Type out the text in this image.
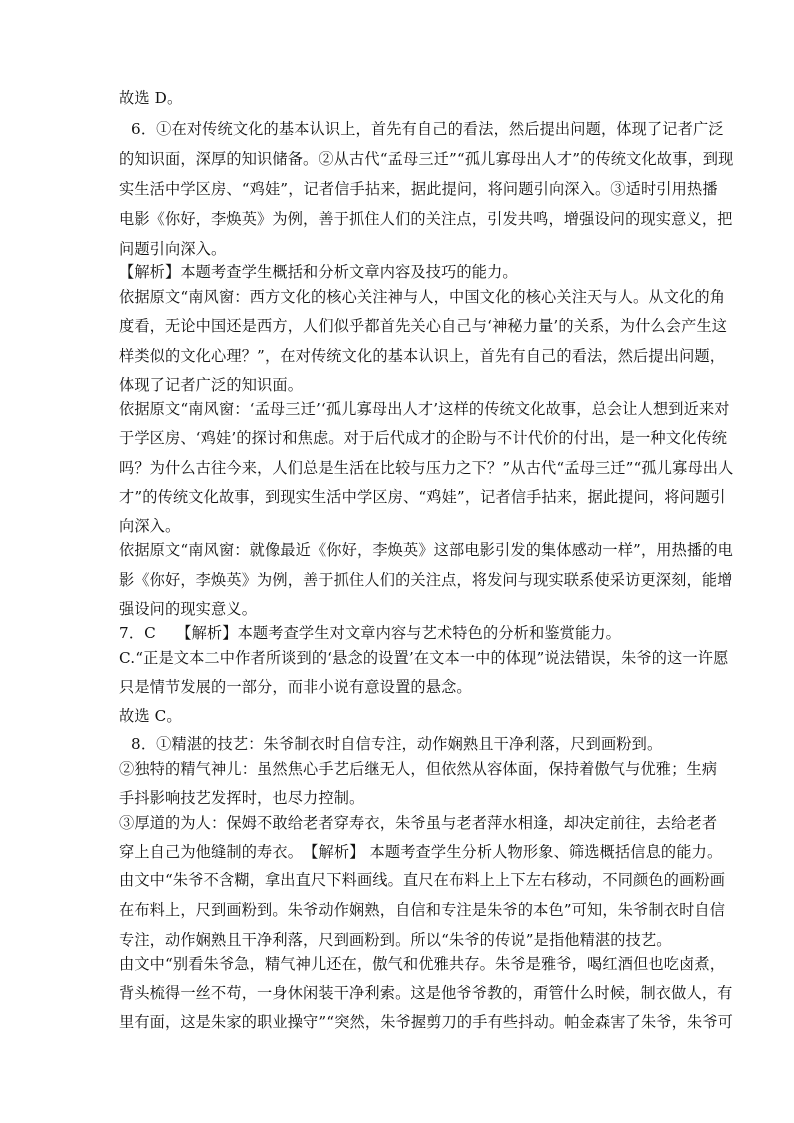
故选 D。
6．①在对传统文化的基本认识上，首先有自己的看法，然后提出问题，体现了记者广泛
的知识面，深厚的知识储备。②从古代“孟母三迁”“孤儿寡母出人才”的传统文化故事，到现
实生活中学区房、“鸡娃”，记者信手拈来，据此提问，将问题引向深入。③适时引用热播
电影《你好，李焕英》为例，善于抓住人们的关注点，引发共鸣，增强设问的现实意义，把
问题引向深入。
【解析】本题考查学生概括和分析文章内容及技巧的能力。
依据原文“南风窗：西方文化的核心关注神与人，中国文化的核心关注天与人。从文化的角
度看，无论中国还是西方，人们似乎都首先关心自己与‘神秘力量’的关系，为什么会产生这
样类似的文化心理？”，在对传统文化的基本认识上，首先有自己的看法，然后提出问题，
体现了记者广泛的知识面。
依据原文“南风窗：‘孟母三迁’‘孤儿寡母出人才’这样的传统文化故事，总会让人想到近来对
于学区房、‘鸡娃’的探讨和焦虑。对于后代成才的企盼与不计代价的付出，是一种文化传统
吗？为什么古往今来，人们总是生活在比较与压力之下？”从古代“孟母三迁”“孤儿寡母出人
才”的传统文化故事，到现实生活中学区房、“鸡娃”，记者信手拈来，据此提问，将问题引
向深入。
依据原文“南风窗：就像最近《你好，李焕英》这部电影引发的集体感动一样”，用热播的电
影《你好，李焕英》为例，善于抓住人们的关注点，将发问与现实联系使采访更深刻，能增
强设问的现实意义。
7．C　 【解析】本题考查学生对文章内容与艺术特色的分析和鉴赏能力。
C.“正是文本二中作者所谈到的‘悬念的设置’在文本一中的体现”说法错误，朱爷的这一许愿
只是情节发展的一部分，而非小说有意设置的悬念。
故选 C。
8．①精湛的技艺：朱爷制衣时自信专注，动作娴熟且干净利落，尺到画粉到。
②独特的精气神儿：虽然焦心手艺后继无人，但依然从容体面，保持着傲气与优雅；生病
手抖影响技艺发挥时，也尽力控制。
③厚道的为人：保姆不敢给老者穿寿衣，朱爷虽与老者萍水相逢，却决定前往，去给老者
穿上自己为他缝制的寿衣。　【解析】 本题考查学生分析人物形象、筛选概括信息的能力。
由文中“朱爷不含糊，拿出直尺下料画线。直尺在布料上上下左右移动，不同颜色的画粉画
在布料上，尺到画粉到。朱爷动作娴熟，自信和专注是朱爷的本色”可知，朱爷制衣时自信
专注，动作娴熟且干净利落，尺到画粉到。所以“朱爷的传说”是指他精湛的技艺。
由文中“别看朱爷急，精气神儿还在，傲气和优雅共存。朱爷是雅爷，喝红酒但也吃卤煮，
背头梳得一丝不苟，一身休闲装干净利索。这是他爷爷教的，甭管什么时候，制衣做人，有
里有面，这是朱家的职业操守”“突然，朱爷握剪刀的手有些抖动。帕金森害了朱爷，朱爷可
